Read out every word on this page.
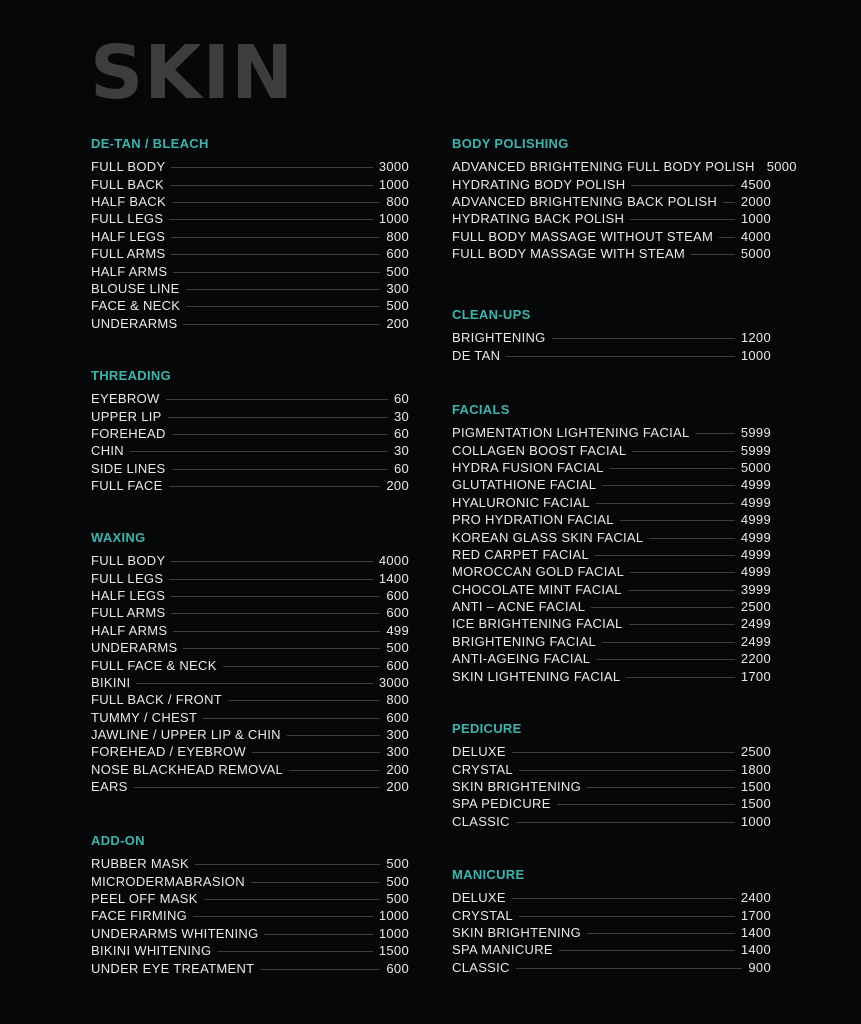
SKIN
DE-TAN / BLEACH
FULL BODY	3000
FULL BACK	1000
HALF BACK	800
FULL LEGS	1000
HALF LEGS	800
FULL ARMS	600
HALF ARMS	500
BLOUSE LINE	300
FACE & NECK	500
UNDERARMS	200
THREADING
EYEBROW	60
UPPER LIP	30
FOREHEAD	60
CHIN	30
SIDE LINES	60
FULL FACE	200
WAXING
FULL BODY	4000
FULL LEGS	1400
HALF LEGS	600
FULL ARMS	600
HALF ARMS	499
UNDERARMS	500
FULL FACE & NECK	600
BIKINI	3000
FULL BACK / FRONT	800
TUMMY / CHEST	600
JAWLINE / UPPER LIP & CHIN	300
FOREHEAD / EYEBROW	300
NOSE BLACKHEAD REMOVAL	200
EARS	200
ADD-ON
RUBBER MASK	500
MICRODERMABRASION	500
PEEL OFF MASK	500
FACE FIRMING	1000
UNDERARMS WHITENING	1000
BIKINI WHITENING	1500
UNDER EYE TREATMENT	600
BODY POLISHING
ADVANCED BRIGHTENING FULL BODY POLISH 5000
HYDRATING BODY POLISH	4500
ADVANCED BRIGHTENING BACK POLISH 2000
HYDRATING BACK POLISH	1000
FULL BODY MASSAGE WITHOUT STEAM 4000
FULL BODY MASSAGE WITH STEAM	5000
CLEAN-UPS
BRIGHTENING	1200
DE TAN	1000
FACIALS
PIGMENTATION LIGHTENING FACIAL	5999
COLLAGEN BOOST FACIAL	5999
HYDRA FUSION FACIAL	5000
GLUTATHIONE FACIAL	4999
HYALURONIC FACIAL	4999
PRO HYDRATION FACIAL	4999
KOREAN GLASS SKIN FACIAL	4999
RED CARPET FACIAL	4999
MOROCCAN GOLD FACIAL	4999
CHOCOLATE MINT FACIAL	3999
ANTI – ACNE FACIAL	2500
ICE BRIGHTENING FACIAL	2499
BRIGHTENING FACIAL	2499
ANTI-AGEING FACIAL	2200
SKIN LIGHTENING FACIAL	1700
PEDICURE
DELUXE	2500
CRYSTAL	1800
SKIN BRIGHTENING	1500
SPA PEDICURE	1500
CLASSIC	1000
MANICURE
DELUXE	2400
CRYSTAL	1700
SKIN BRIGHTENING	1400
SPA MANICURE	1400
CLASSIC	900
